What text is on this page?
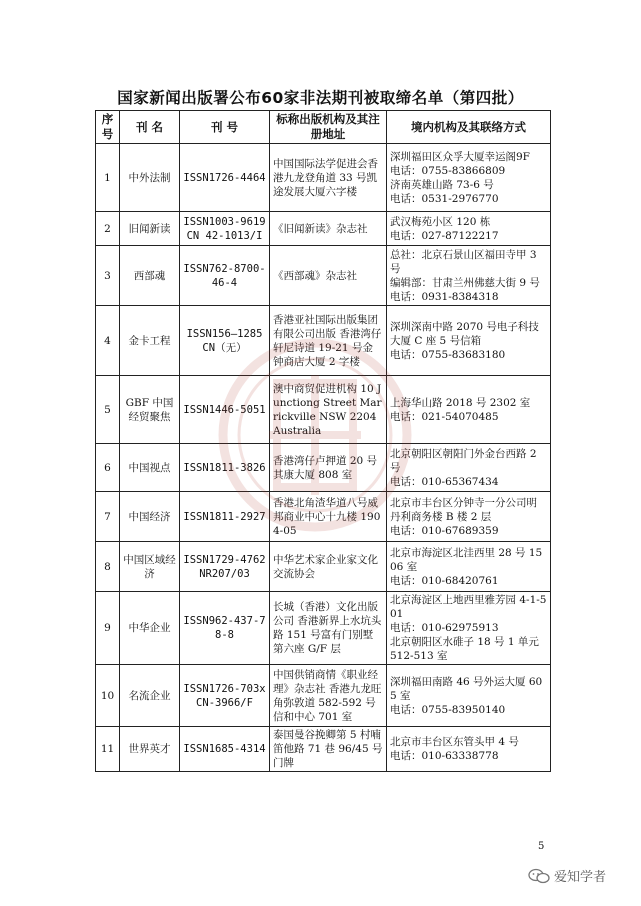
国家新闻出版署公布60家非法期刊被取缔名单（第四批）
序号	刊 名	刊 号	标称出版机构及其注册地址	境内机构及其联络方式
1	中外法制	ISSN1726-4464	中国国际法学促进会香港九龙登角道 33 号凯途发展大厦六字楼	深圳福田区众孚大厦幸运阁9F
电话：0755-83866809
济南英雄山路 73-6 号
电话：0531-2976770

2	旧闻新读	ISSN1003-9619 CN 42-1013/I	《旧闻新读》杂志社	武汉梅苑小区 120 栋
电话：027-87122217

3	西部魂	ISSN762-8700-46-4	《西部魂》杂志社	总社：北京石景山区福田寺甲 3 号
编辑部：甘肃兰州佛慈大街 9 号
电话：0931-8384318

4	金卡工程	ISSN156—1285 CN（无）	香港亚社国际出版集团有限公司出版 香港湾仔轩尼诗道 19-21 号金钟商店大厦 2 字楼	深圳深南中路 2070 号电子科技大厦 C 座 5 号信箱
电话：0755-83683180

5	GBF 中国经贸聚焦	ISSN1446-5051	澳中商贸促进机构 10 Junctiong Street Marrickville NSW 2204 Australia	上海华山路 2018 号 2302 室
电话：021-54070485

6	中国视点	ISSN1811-3826	香港湾仔卢押道 20 号其康大厦 808 室	北京朝阳区朝阳门外金台西路 2 号
电话：010-65367434

7	中国经济	ISSN1811-2927	香港北角渣华道八号威邦商业中心十九楼 1904-05	北京市丰台区分钟寺一分公司明丹利商务楼 B 楼 2 层
电话：010-67689359

8	中国区域经济	ISSN1729-4762 NR207/03	中华艺术家企业家文化交流协会	北京市海淀区北洼西里 28 号 1506 室
电话：010-68420761

9	中华企业	ISSN962-437-78-8	长城（香港）文化出版公司 香港新界上水坑头路 151 号富有门别墅第六座 G/F 层	北京海淀区上地西里雅芳园 4-1-501
电话：010-62975913
北京朝阳区水碓子 18 号 1 单元 512-513 室

10	名流企业	ISSN1726-703x CN-3966/F	中国供销商情《职业经理》杂志社 香港九龙旺角弥敦道 582-592 号信和中心 701 室	深圳福田南路 46 号外运大厦 605 室
电话：0755-83950140

11	世界英才	ISSN1685-4314	泰国曼谷挽卿第 5 村喃笛他路 71 巷 96/45 号门牌	北京市丰台区东管头甲 4 号
电话：010-63338778
5
爱知学者
